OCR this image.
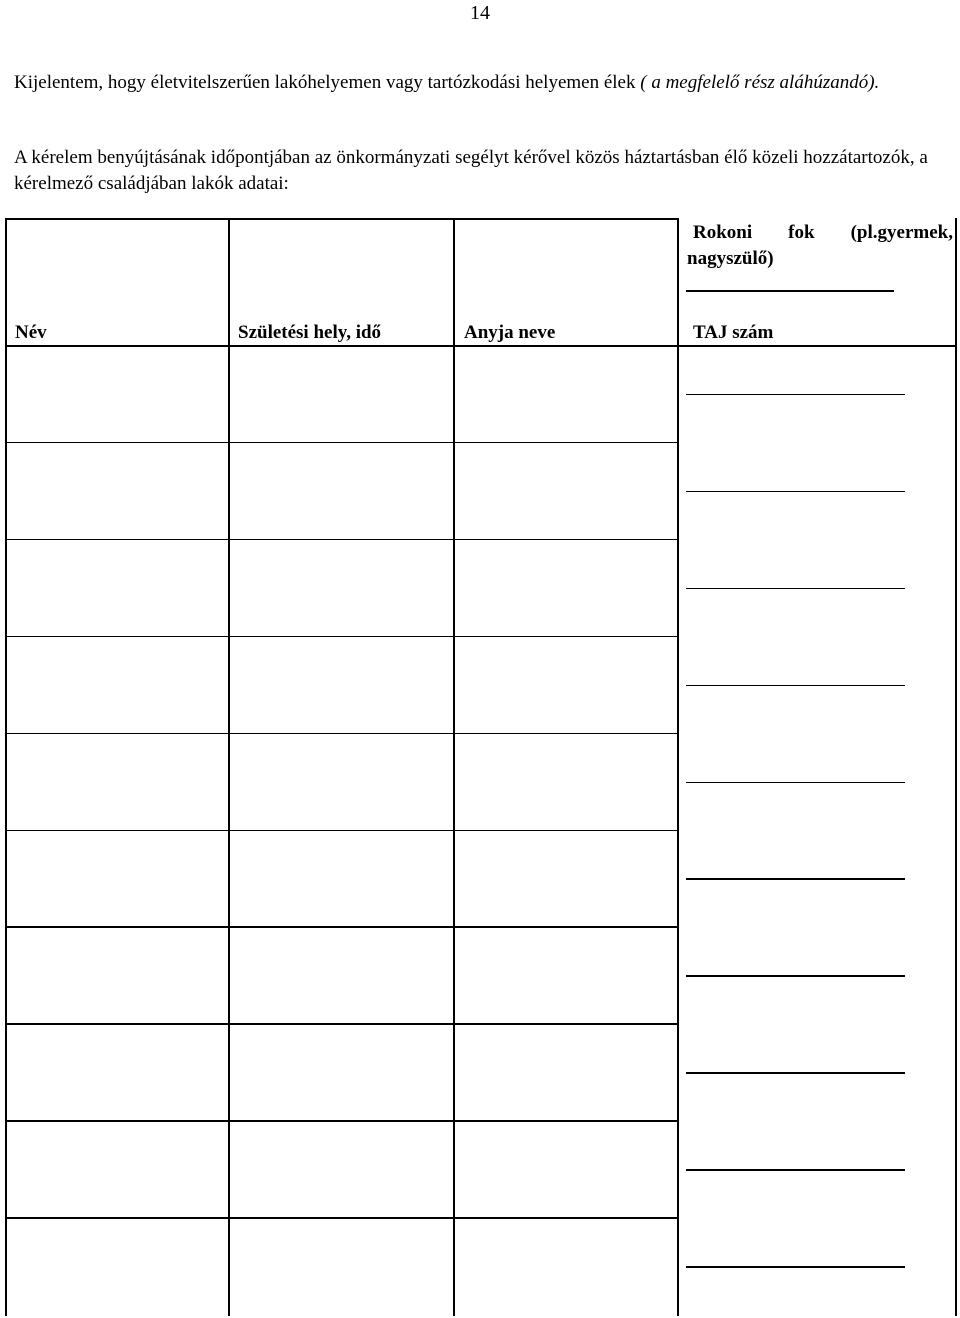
14
Kijelentem, hogy életvitelszerűen lakóhelyemen vagy tartózkodási helyemen élek ( a megfelelő rész aláhúzandó).
A kérelem benyújtásának időpontjában az önkormányzati segélyt kérővel közös háztartásban élő közeli hozzátartozók, a kérelmező családjában lakók adatai:
Név	Születési hely, idő	Anyja neve
Rokoni fok (pl.gyermek,
nagyszülő)
TAJ szám
